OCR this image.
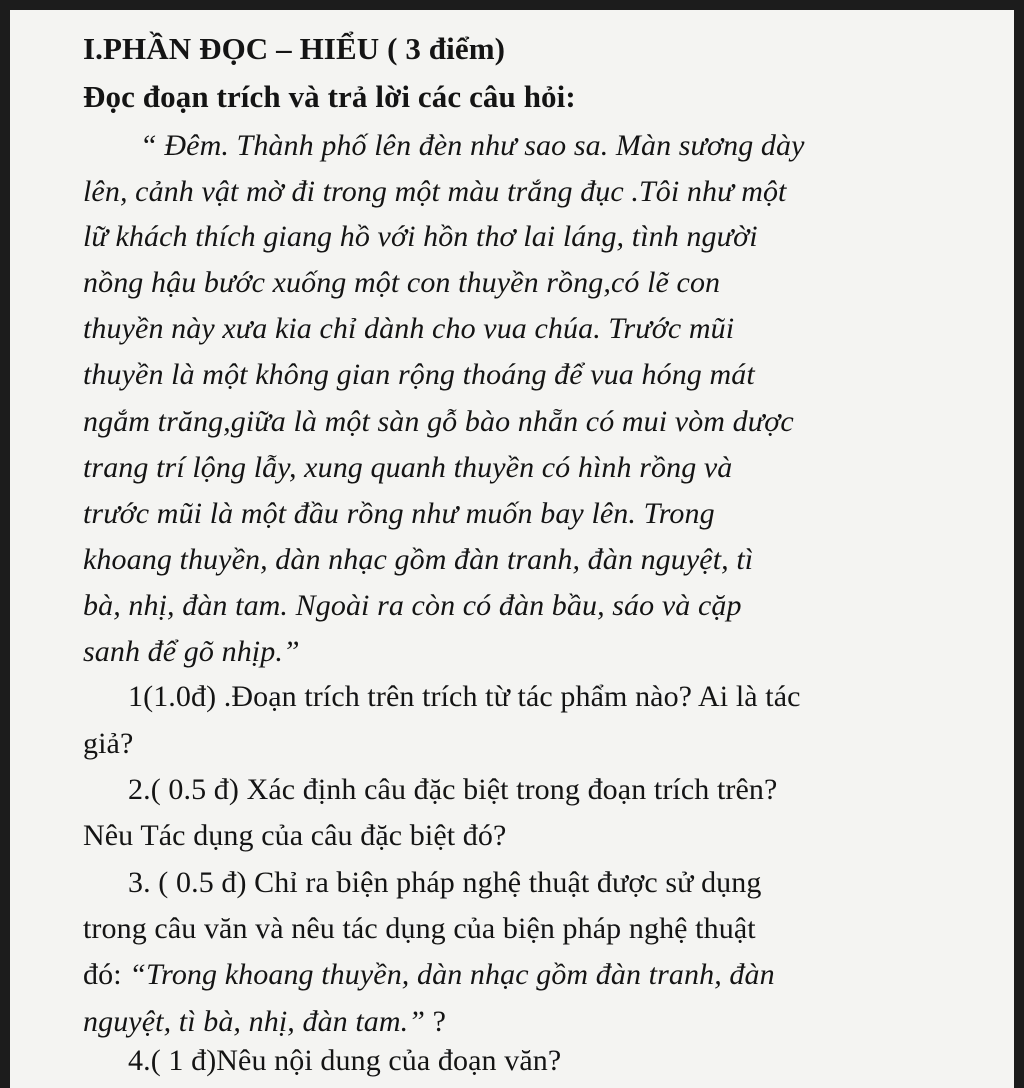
I.PHẦN ĐỌC – HIỂU ( 3 điểm)
Đọc đoạn trích và trả lời các câu hỏi:
“ Đêm. Thành phố lên đèn như sao sa. Màn sương dày
lên, cảnh vật mờ đi trong một màu trắng đục .Tôi như một
lữ khách thích giang hồ với hồn thơ lai láng, tình người
nồng hậu bước xuống một con thuyền rồng,có lẽ con
thuyền này xưa kia chỉ dành cho vua chúa. Trước mũi
thuyền là một không gian rộng thoáng để vua hóng mát
ngắm trăng,giữa là một sàn gỗ bào nhẵn có mui vòm dược
trang trí lộng lẫy, xung quanh thuyền có hình rồng và
trước mũi là một đầu rồng như muốn bay lên. Trong
khoang thuyền, dàn nhạc gồm đàn tranh, đàn nguyệt, tì
bà, nhị, đàn tam. Ngoài ra còn có đàn bầu, sáo và cặp
sanh để gõ nhịp.”
1(1.0đ) .Đoạn trích trên trích từ tác phẩm nào? Ai là tác
giả?
2.( 0.5 đ) Xác định câu đặc biệt trong đoạn trích trên?
Nêu Tác dụng của câu đặc biệt đó?
3. ( 0.5 đ) Chỉ ra biện pháp nghệ thuật được sử dụng
trong câu văn và nêu tác dụng của biện pháp nghệ thuật
đó: “Trong khoang thuyền, dàn nhạc gồm đàn tranh, đàn
nguyệt, tì bà, nhị, đàn tam.” ?
4.( 1 đ)Nêu nội dung của đoạn văn?
